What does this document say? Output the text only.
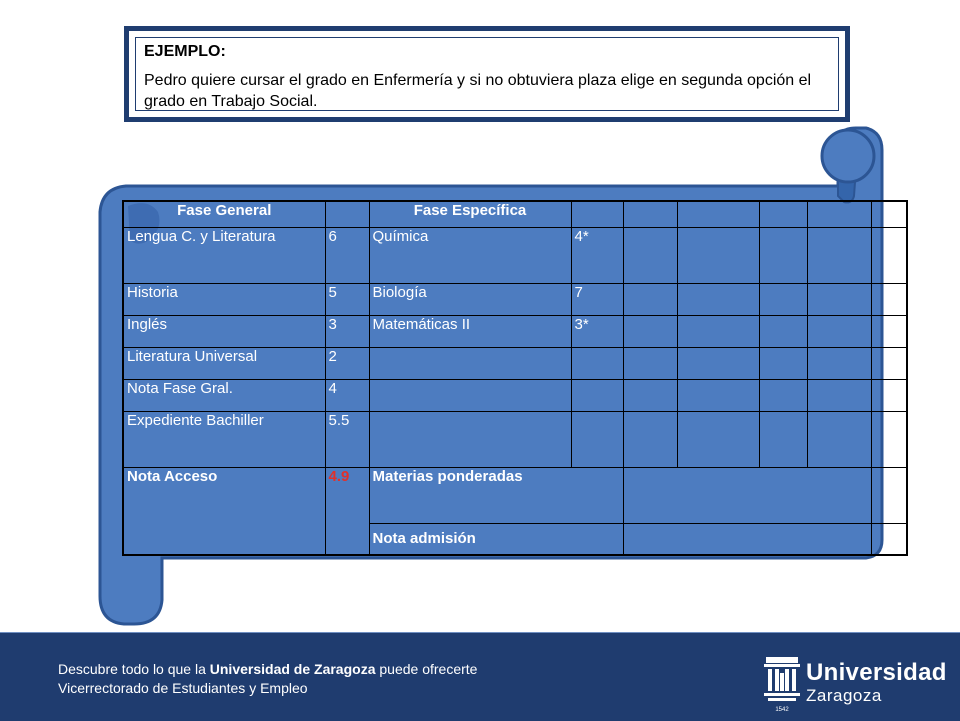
EJEMPLO:
Pedro quiere cursar el grado en Enfermería y si no obtuviera plaza elige en segunda opción el grado en Trabajo Social.
Fase General		Fase Específica						
Lengua C. y Literatura	6	Química	4*					
Historia	5	Biología	7					
Inglés	3	Matemáticas II	3*					
Literatura Universal	2							
Nota Fase Gral.	4							
Expediente Bachiller	5.5							
Nota Acceso	4.9	Materias ponderadas						
		Nota admisión						
Descubre todo lo que la Universidad de Zaragoza puede ofrecerte
Vicerrectorado de Estudiantes y Empleo
1542
Universidad
Zaragoza
